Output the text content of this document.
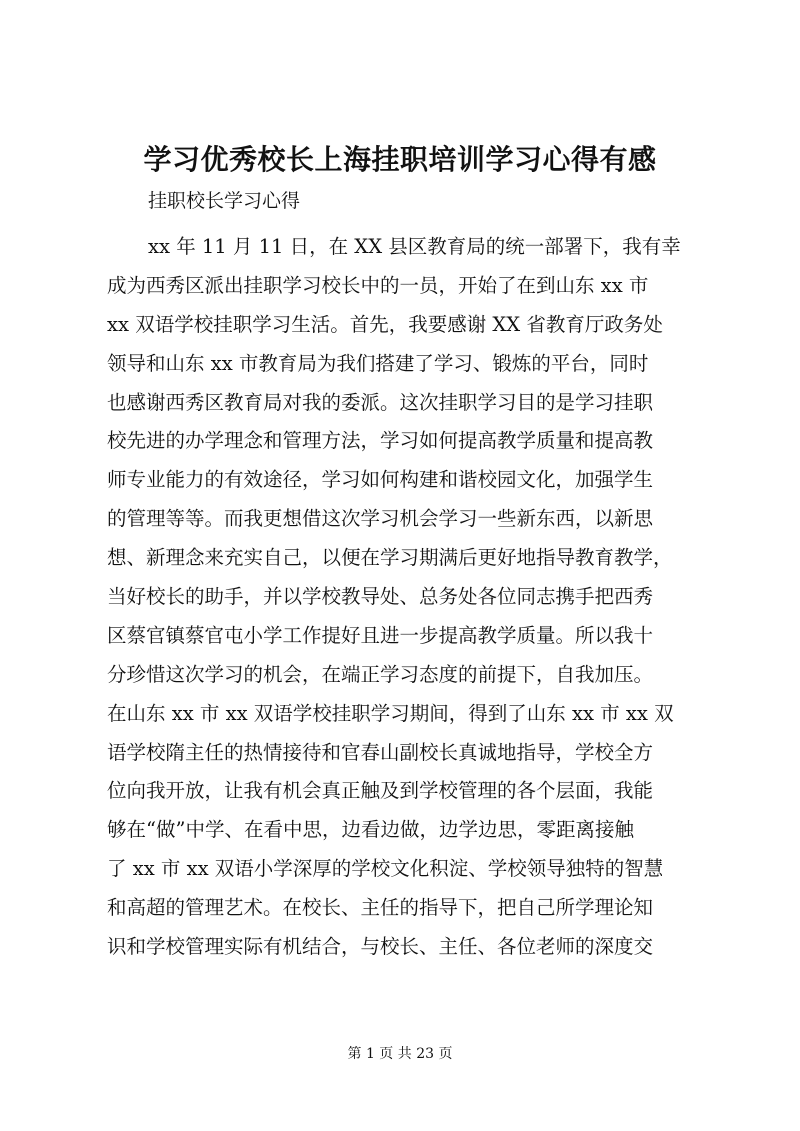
学习优秀校长上海挂职培训学习心得有感
挂职校长学习心得
xx 年 11 月 11 日，在 XX 县区教育局的统一部署下，我有幸
成为西秀区派出挂职学习校长中的一员，开始了在到山东 xx 市
xx 双语学校挂职学习生活。首先，我要感谢 XX 省教育厅政务处
领导和山东 xx 市教育局为我们搭建了学习、锻炼的平台，同时
也感谢西秀区教育局对我的委派。这次挂职学习目的是学习挂职
校先进的办学理念和管理方法，学习如何提高教学质量和提高教
师专业能力的有效途径，学习如何构建和谐校园文化，加强学生
的管理等等。而我更想借这次学习机会学习一些新东西，以新思
想、新理念来充实自己，以便在学习期满后更好地指导教育教学，
当好校长的助手，并以学校教导处、总务处各位同志携手把西秀
区蔡官镇蔡官屯小学工作提好且进一步提高教学质量。所以我十
分珍惜这次学习的机会，在端正学习态度的前提下，自我加压。
在山东 xx 市 xx 双语学校挂职学习期间，得到了山东 xx 市 xx 双
语学校隋主任的热情接待和官春山副校长真诚地指导，学校全方
位向我开放，让我有机会真正触及到学校管理的各个层面，我能
够在“做”中学、在看中思，边看边做，边学边思，零距离接触
了 xx 市 xx 双语小学深厚的学校文化积淀、学校领导独特的智慧
和高超的管理艺术。在校长、主任的指导下，把自己所学理论知
识和学校管理实际有机结合，与校长、主任、各位老师的深度交
第 1 页 共 23 页
